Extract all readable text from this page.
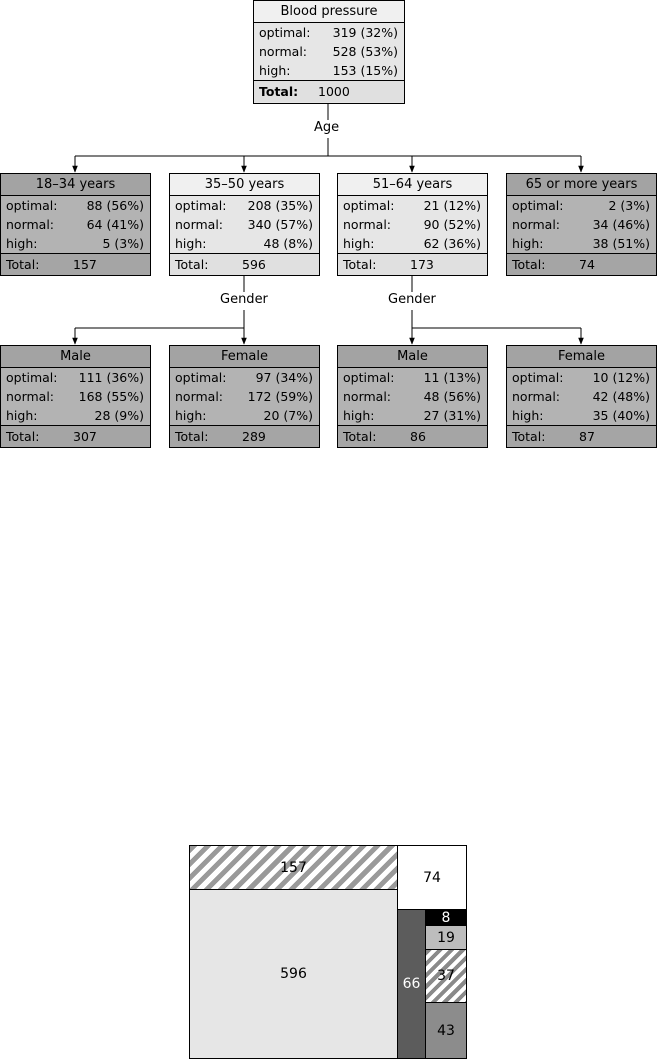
Blood pressure
optimal: 319 (32%)
normal: 528 (53%)
high:	153 (15%)
Total: 1000
Age
18–34 years
optimal: 88 (56%)
normal:	64 (41%)
high:	5 (3%)
Total:	157
35–50 years
optimal: 208 (35%)
normal: 340 (57%)
high:	48 (8%)
Total:	596
51–64 years
optimal: 21 (12%)
normal:	90 (52%)
high:	62 (36%)
Total:	173
65 or more years
optimal:	2 (3%)
normal:	34 (46%)
high:	38 (51%)
Total:	74
Gender	Gender
Male
optimal: 111 (36%)
normal: 168 (55%)
high:	28 (9%)
Total:	307
Female
optimal: 97 (34%)
normal: 172 (59%)
high:	20 (7%)
Total:	289
Male
optimal: 11 (13%)
normal:	48 (56%)
high:	27 (31%)
Total:	86
Female
optimal: 10 (12%)
normal:	42 (48%)
high:	35 (40%)
Total:	87
157
74
596
66
8
19
37
43
